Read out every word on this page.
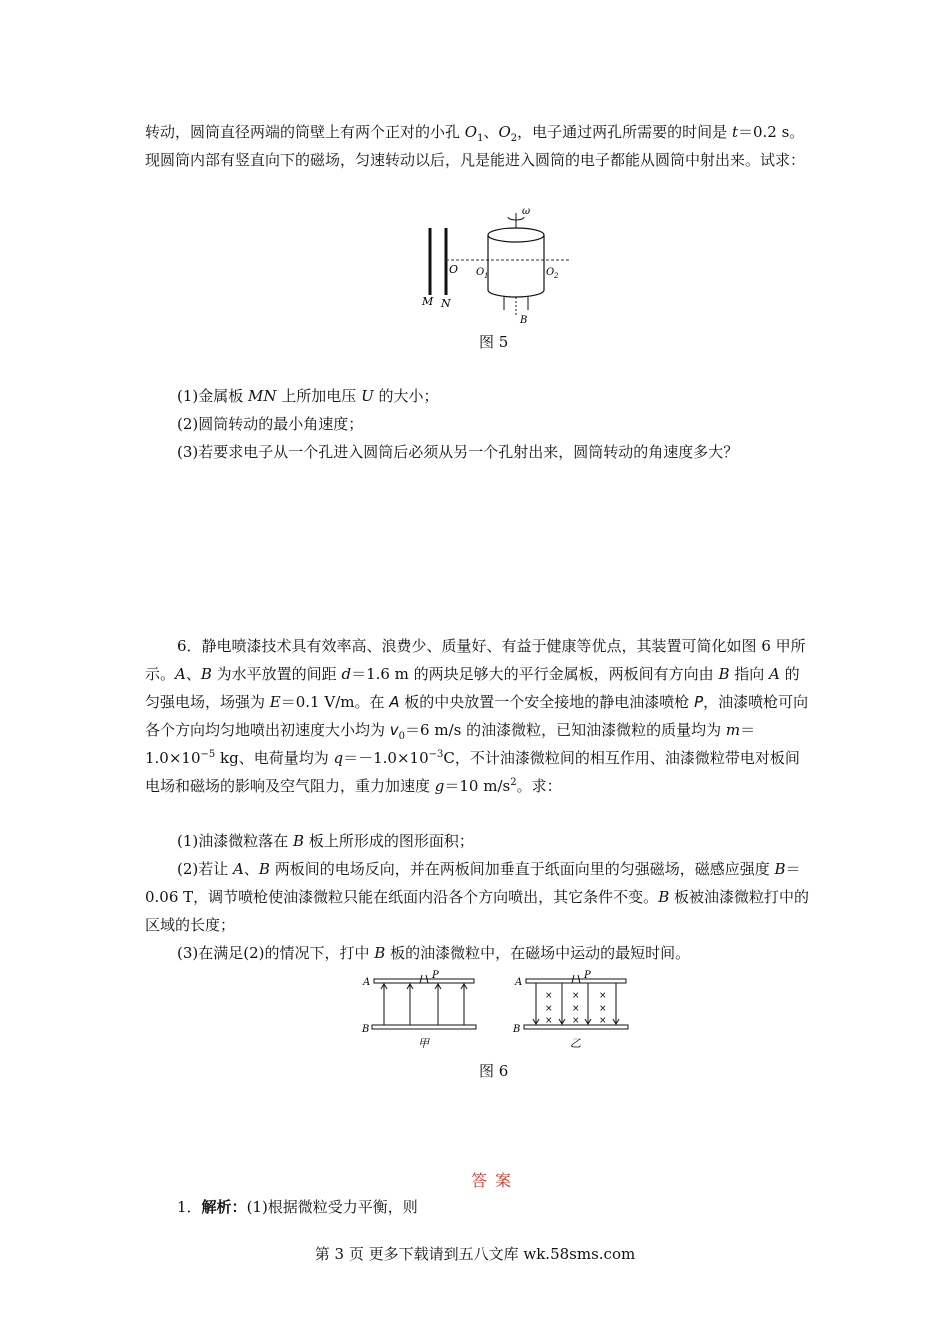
转动，圆筒直径两端的筒壁上有两个正对的小孔 $O_1$、$O_2$，电子通过两孔所需要的时间是 t＝0.2 s。现圆筒内部有竖直向下的磁场，匀速转动以后，凡是能进入圆筒的电子都能从圆筒中射出来。试求：

M N
O O 1	O 2
ω
B

图 5

(1)金属板 MN 上所加电压 U 的大小；

(2)圆筒转动的最小角速度；

(3)若要求电子从一个孔进入圆筒后必须从另一个孔射出来，圆筒转动的角速度多大？

6．静电喷漆技术具有效率高、浪费少、质量好、有益于健康等优点，其装置可简化如图 6 甲所示。A、B 为水平放置的间距 d＝1.6 m 的两块足够大的平行金属板，两板间有方向由 B 指向 A 的匀强电场，场强为 E＝0.1 V/m。在 A 板的中央放置一个安全接地的静电油漆喷枪 P，油漆喷枪可向各个方向均匀地喷出初速度大小均为 $v_0=6$ m/s 的油漆微粒，已知油漆微粒的质量均为 $m=1.0\times 10^{-5}$ kg、电荷量均为 $q=-1.0\times 10^{-3}C$，不计油漆微粒间的相互作用、油漆微粒带电对板间电场和磁场的影响及空气阻力，重力加速度 g＝10 $m/s^2$。求：

(1)油漆微粒落在 B 板上所形成的图形面积；

(2)若让 A、B 两板间的电场反向，并在两板间加垂直于纸面向里的匀强磁场，磁感应强度 B＝0.06 T，调节喷枪使油漆微粒只能在纸面内沿各个方向喷出，其它条件不变。B 板被油漆微粒打中的区域的长度；

(3)在满足(2)的情况下，打中 B 板的油漆微粒中，在磁场中运动的最短时间。

A
B
P
甲
× × ×
× × ×
× × ×
A
B
P
乙

图 6

答案

1．解析：(1)根据微粒受力平衡，则

第 3 页 更多下载请到五八文库 wk.58sms.com
